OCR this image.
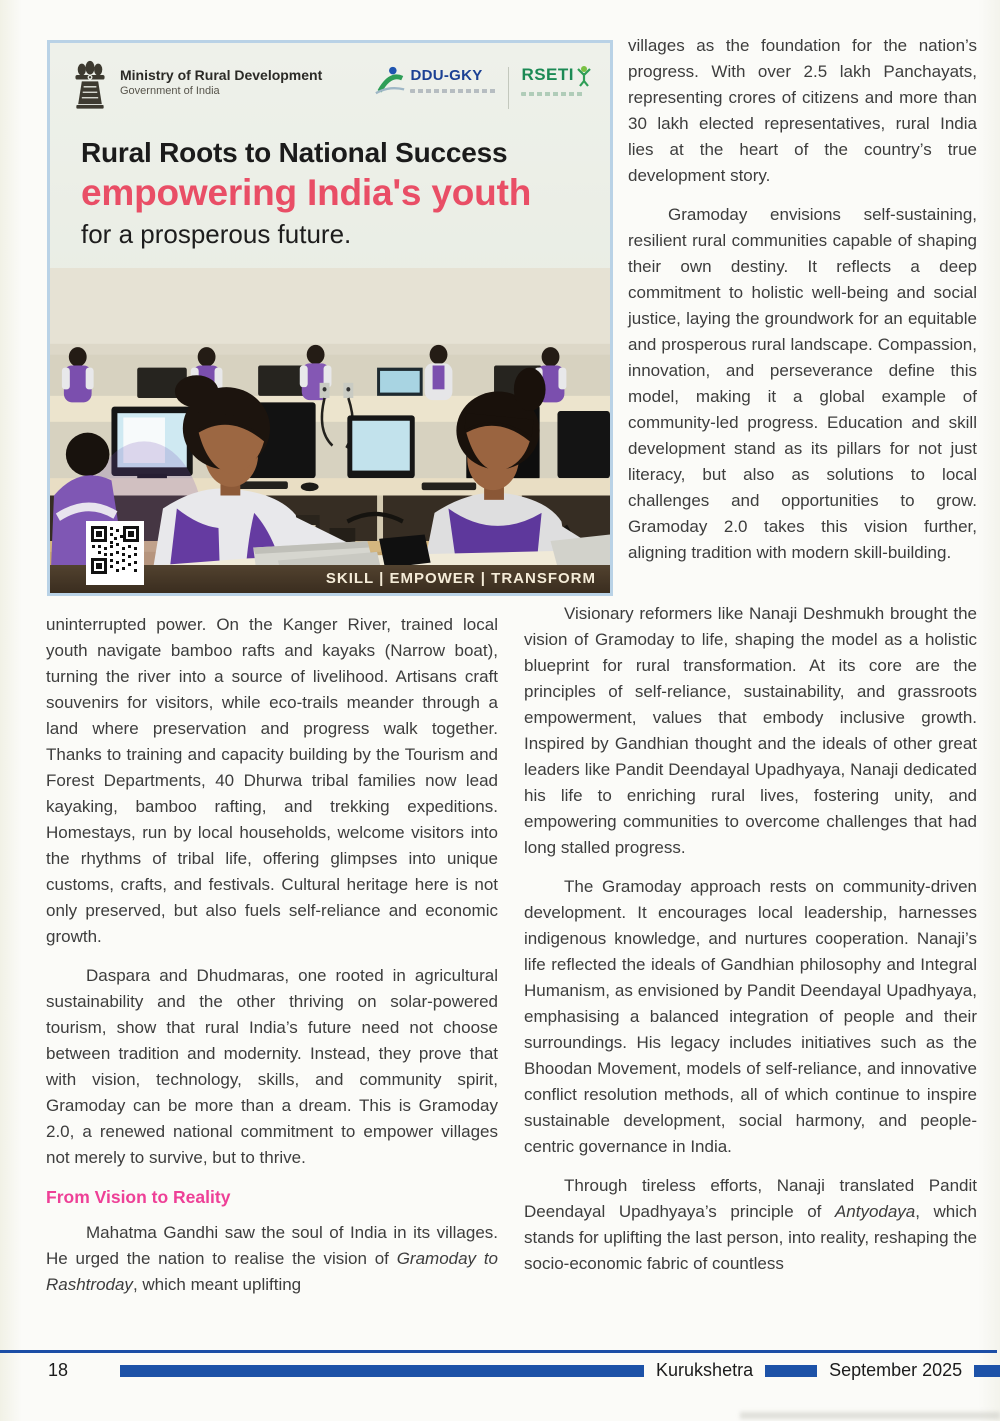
Ministry of Rural Development
Government of India
DDU-GKY	RSETI
Rural Roots to National Success
empowering India's youth
for a prosperous future.
SKILL | EMPOWER | TRANSFORM

villages as the foundation for the nation’s progress. With over 2.5 lakh Panchayats, representing crores of citizens and more than 30 lakh elected representatives, rural India lies at the heart of the country’s true development story.

Gramoday envisions self-sustaining, resilient rural communities capable of shaping their own destiny. It reflects a deep commitment to holistic well-being and social justice, laying the groundwork for an equitable and prosperous rural landscape. Compassion, innovation, and perseverance define this model, making it a global example of community-led progress. Education and skill development stand as its pillars for not just literacy, but also as solutions to local challenges and opportunities to grow. Gramoday 2.0 takes this vision further, aligning tradition with modern skill-building.

uninterrupted power. On the Kanger River, trained local youth navigate bamboo rafts and kayaks (Narrow boat), turning the river into a source of livelihood. Artisans craft souvenirs for visitors, while eco-trails meander through a land where preservation and progress walk together. Thanks to training and capacity building by the Tourism and Forest Departments, 40 Dhurwa tribal families now lead kayaking, bamboo rafting, and trekking expeditions. Homestays, run by local households, welcome visitors into the rhythms of tribal life, offering glimpses into unique customs, crafts, and festivals. Cultural heritage here is not only preserved, but also fuels self-reliance and economic growth.

Daspara and Dhudmaras, one rooted in agricultural sustainability and the other thriving on solar-powered tourism, show that rural India’s future need not choose between tradition and modernity. Instead, they prove that with vision, technology, skills, and community spirit, Gramoday can be more than a dream. This is Gramoday 2.0, a renewed national commitment to empower villages not merely to survive, but to thrive.

From Vision to Reality

Mahatma Gandhi saw the soul of India in its villages. He urged the nation to realise the vision of Gramoday to Rashtroday, which meant uplifting

Visionary reformers like Nanaji Deshmukh brought the vision of Gramoday to life, shaping the model as a holistic blueprint for rural transformation. At its core are the principles of self-reliance, sustainability, and grassroots empowerment, values that embody inclusive growth. Inspired by Gandhian thought and the ideals of other great leaders like Pandit Deendayal Upadhyaya, Nanaji dedicated his life to enriching rural lives, fostering unity, and empowering communities to overcome challenges that had long stalled progress.

The Gramoday approach rests on community-driven development. It encourages local leadership, harnesses indigenous knowledge, and nurtures cooperation. Nanaji’s life reflected the ideals of Gandhian philosophy and Integral Humanism, as envisioned by Pandit Deendayal Upadhyaya, emphasising a balanced integration of people and their surroundings. His legacy includes initiatives such as the Bhoodan Movement, models of self-reliance, and innovative conflict resolution methods, all of which continue to inspire sustainable development, social harmony, and people-centric governance in India.

Through tireless efforts, Nanaji translated Pandit Deendayal Upadhyaya’s principle of Antyodaya, which stands for uplifting the last person, into reality, reshaping the socio-economic fabric of countless

18	Kurukshetra	September 2025
